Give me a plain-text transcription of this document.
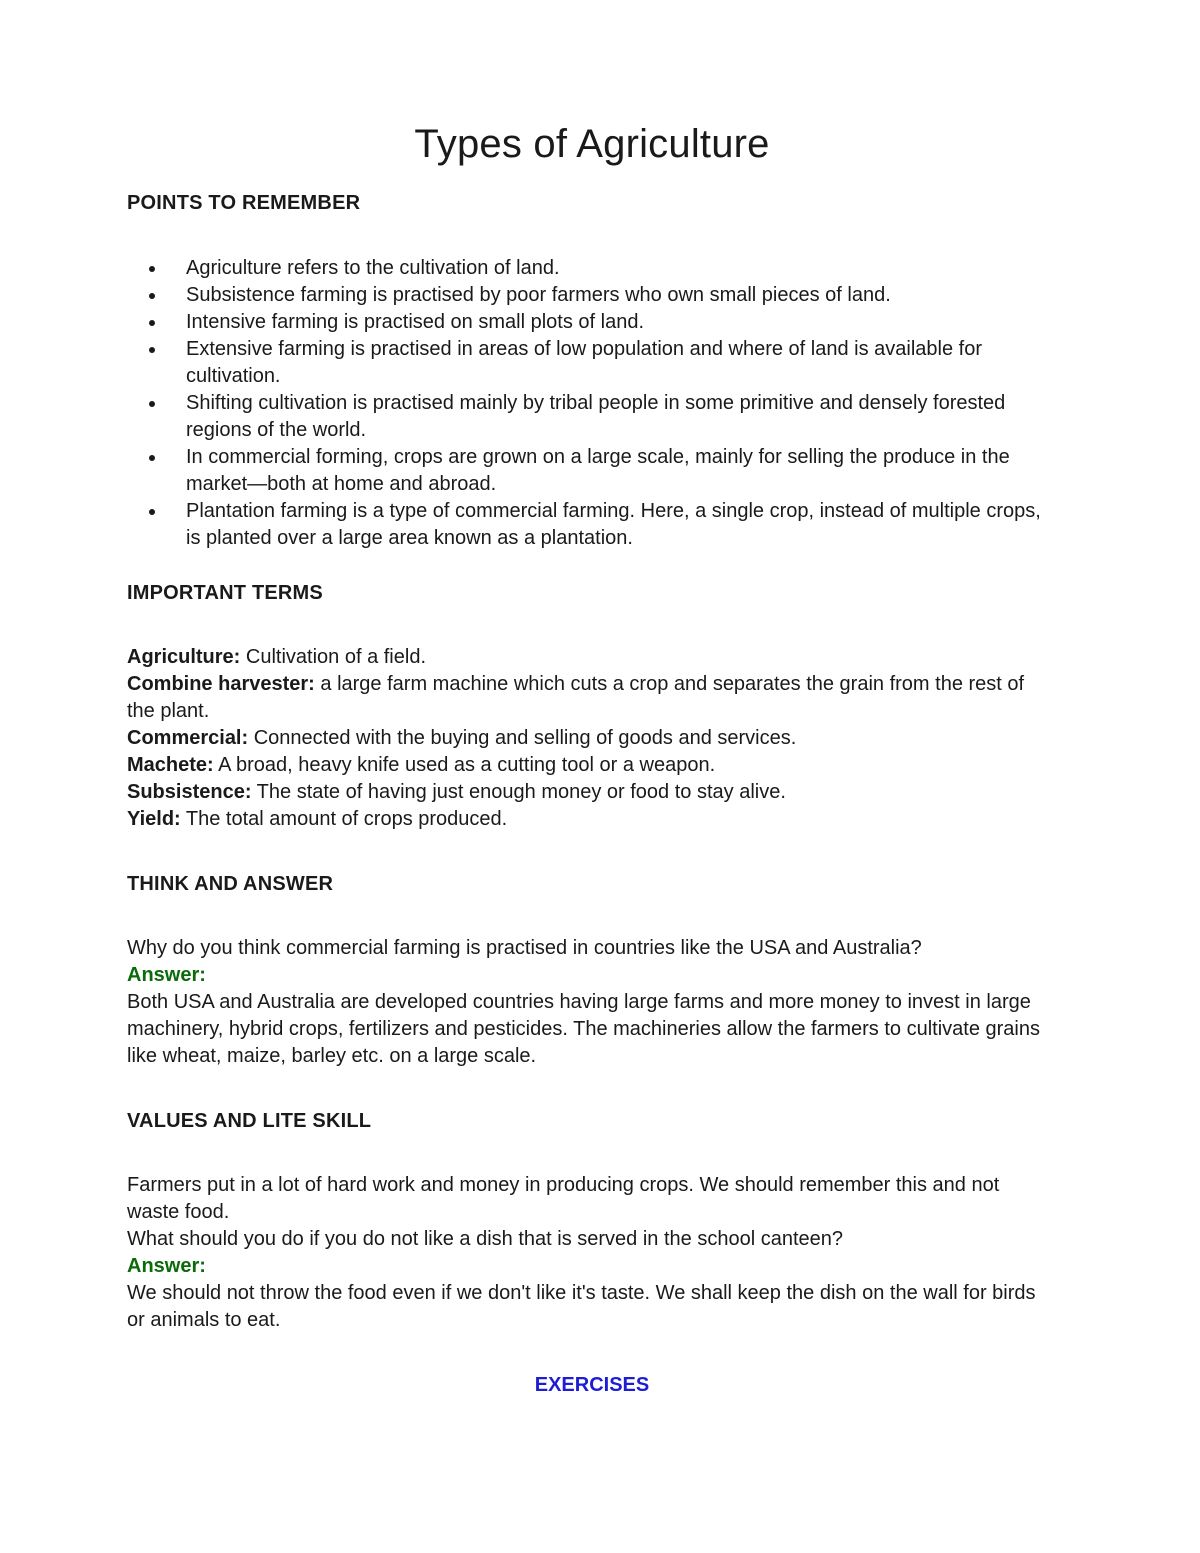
Types of Agriculture
POINTS TO REMEMBER
Agriculture refers to the cultivation of land.
Subsistence farming is practised by poor farmers who own small pieces of land.
Intensive farming is practised on small plots of land.
Extensive farming is practised in areas of low population and where of land is available for cultivation.
Shifting cultivation is practised mainly by tribal people in some primitive and densely forested regions of the world.
In commercial forming, crops are grown on a large scale, mainly for selling the produce in the market—both at home and abroad.
Plantation farming is a type of commercial farming. Here, a single crop, instead of multiple crops, is planted over a large area known as a plantation.
IMPORTANT TERMS

Agriculture: Cultivation of a field.

Combine harvester: a large farm machine which cuts a crop and separates the grain from the rest of the plant.

Commercial: Connected with the buying and selling of goods and services.

Machete: A broad, heavy knife used as a cutting tool or a weapon.

Subsistence: The state of having just enough money or food to stay alive.

Yield: The total amount of crops produced.

THINK AND ANSWER

Why do you think commercial farming is practised in countries like the USA and Australia?

Answer:

Both USA and Australia are developed countries having large farms and more money to invest in large machinery, hybrid crops, fertilizers and pesticides. The machineries allow the farmers to cultivate grains like wheat, maize, barley etc. on a large scale.

VALUES AND LITE SKILL

Farmers put in a lot of hard work and money in producing crops. We should remember this and not waste food.

What should you do if you do not like a dish that is served in the school canteen?

Answer:

We should not throw the food even if we don't like it's taste. We shall keep the dish on the wall for birds or animals to eat.

EXERCISES
